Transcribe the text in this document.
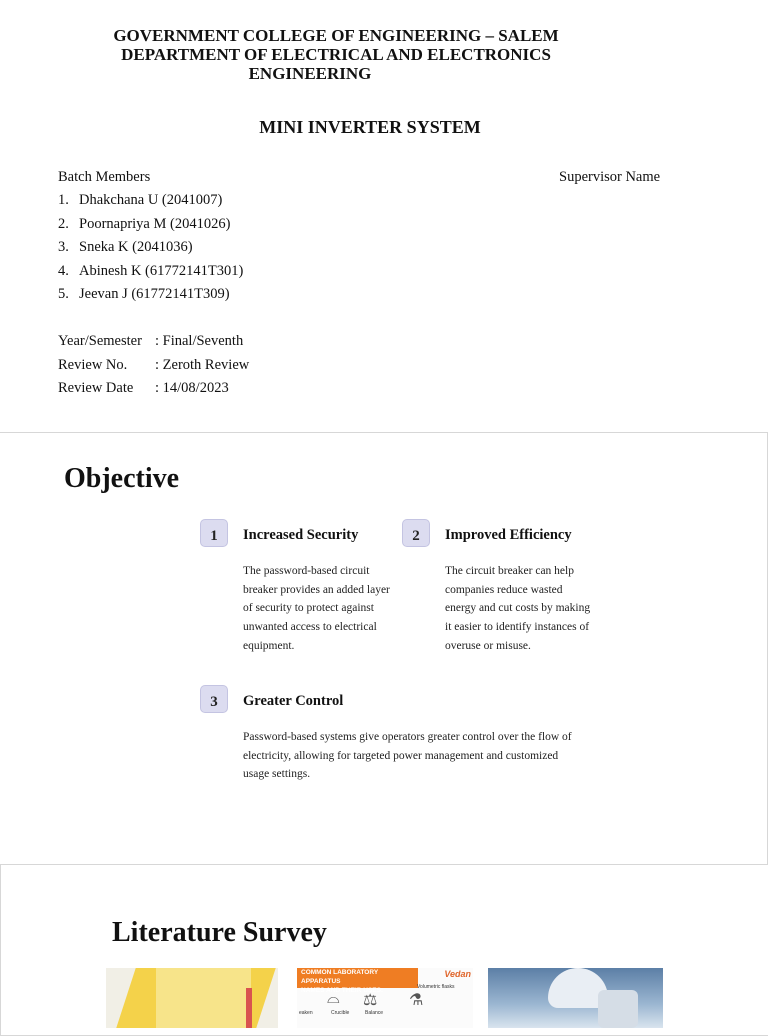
GOVERNMENT COLLEGE OF ENGINEERING – SALEM
DEPARTMENT OF ELECTRICAL AND ELECTRONICS
ENGINEERING
MINI INVERTER SYSTEM
Batch Members	Supervisor Name
1. Dhakchana U (2041007)
2. Poornapriya M (2041026)
3. Sneka K (2041036)
4. Abinesh K (61772141T301)
5. Jeevan J (61772141T309)
Year/Semester : Final/Seventh
Review No. : Zeroth Review
Review Date : 14/08/2023
Objective
1	Increased Security
The password-based circuit breaker provides an added layer of security to protect against unwanted access to electrical equipment.
2	Improved Efficiency
The circuit breaker can help companies reduce wasted energy and cut costs by making it easier to identify instances of overuse or misuse.
3	Greater Control
Password-based systems give operators greater control over the flow of electricity, allowing for targeted power management and customized usage settings.
Literature Survey
COMMON LABORATORY APPARATUS
NAMES AND THEIR USES:
Vedan
⌓ ⚖ ⚗
eaken	Crucible	Balance
Volumetric flasks
